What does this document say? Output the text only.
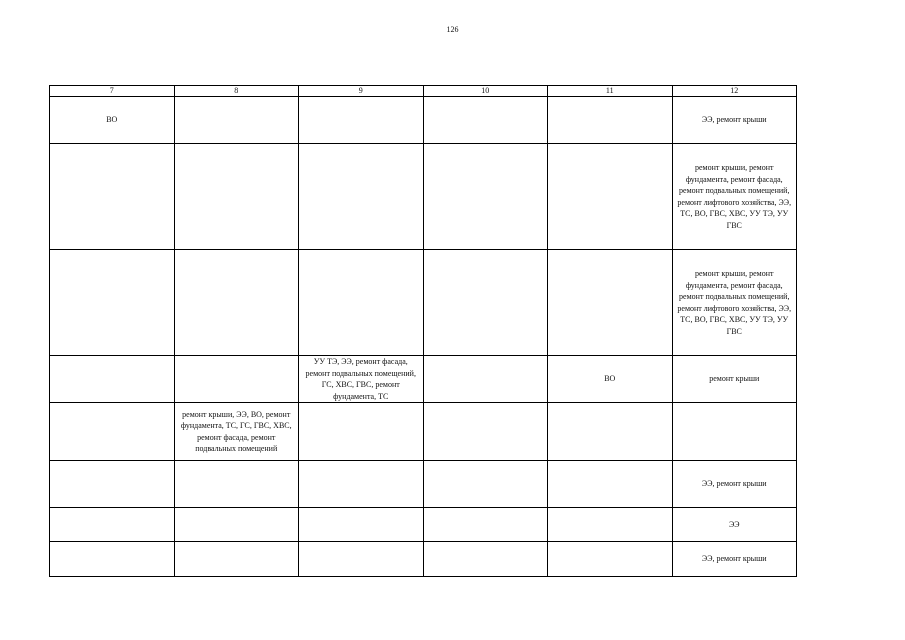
126
7	8	9	10	11	12
ВО					ЭЭ, ремонт крыши
					ремонт крыши, ремонт фундамента, ремонт фасада, ремонт подвальных помещений, ремонт лифтового хозяйства, ЭЭ, ТС, ВО, ГВС, ХВС, УУ ТЭ, УУ ГВС
					ремонт крыши, ремонт фундамента, ремонт фасада, ремонт подвальных помещений, ремонт лифтового хозяйства, ЭЭ, ТС, ВО, ГВС, ХВС, УУ ТЭ, УУ ГВС
		УУ ТЭ, ЭЭ, ремонт фасада, ремонт подвальных помещений, ГС, ХВС, ГВС, ремонт фундамента, ТС		ВО	ремонт крыши
	ремонт крыши, ЭЭ, ВО, ремонт фундамента, ТС, ГС, ГВС, ХВС, ремонт фасада, ремонт подвальных помещений				
					ЭЭ, ремонт крыши
					ЭЭ
					ЭЭ, ремонт крыши
